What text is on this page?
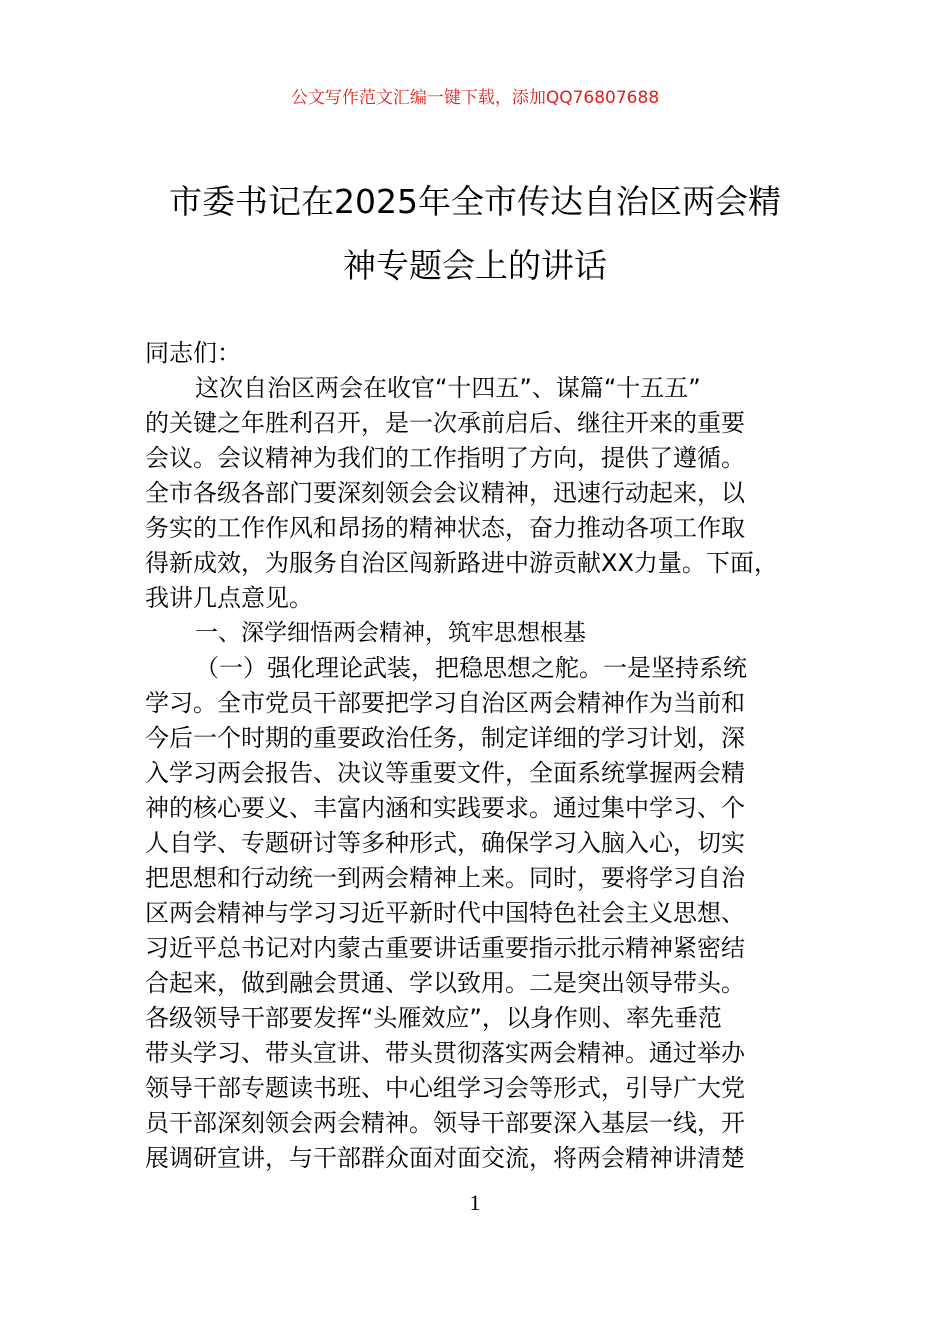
公文写作范文汇编一键下载，添加QQ76807688
市委书记在2025年全市传达自治区两会精
神专题会上的讲话
同志们：
这次自治区两会在收官“十四五”、谋篇“十五五”
的关键之年胜利召开，是一次承前启后、继往开来的重要
会议。会议精神为我们的工作指明了方向，提供了遵循。
全市各级各部门要深刻领会会议精神，迅速行动起来，以
务实的工作作风和昂扬的精神状态，奋力推动各项工作取
得新成效，为服务自治区闯新路进中游贡献XX力量。下面，
我讲几点意见。
一、深学细悟两会精神，筑牢思想根基
（一）强化理论武装，把稳思想之舵。一是坚持系统
学习。全市党员干部要把学习自治区两会精神作为当前和
今后一个时期的重要政治任务，制定详细的学习计划，深
入学习两会报告、决议等重要文件，全面系统掌握两会精
神的核心要义、丰富内涵和实践要求。通过集中学习、个
人自学、专题研讨等多种形式，确保学习入脑入心，切实
把思想和行动统一到两会精神上来。同时，要将学习自治
区两会精神与学习习近平新时代中国特色社会主义思想、
习近平总书记对内蒙古重要讲话重要指示批示精神紧密结
合起来，做到融会贯通、学以致用。二是突出领导带头。
各级领导干部要发挥“头雁效应”，以身作则、率先垂范
带头学习、带头宣讲、带头贯彻落实两会精神。通过举办
领导干部专题读书班、中心组学习会等形式，引导广大党
员干部深刻领会两会精神。领导干部要深入基层一线，开
展调研宣讲，与干部群众面对面交流，将两会精神讲清楚
1
